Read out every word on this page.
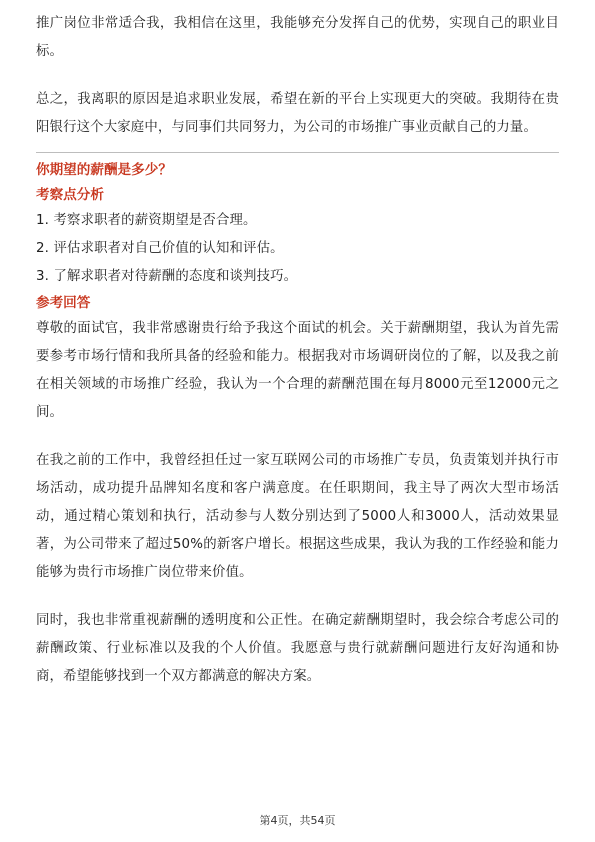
推广岗位非常适合我，我相信在这里，我能够充分发挥自己的优势，实现自己的职业目标。

总之，我离职的原因是追求职业发展，希望在新的平台上实现更大的突破。我期待在贵阳银行这个大家庭中，与同事们共同努力，为公司的市场推广事业贡献自己的力量。

你期望的薪酬是多少？

考察点分析

1. 考察求职者的薪资期望是否合理。
2. 评估求职者对自己价值的认知和评估。
3. 了解求职者对待薪酬的态度和谈判技巧。

参考回答

尊敬的面试官，我非常感谢贵行给予我这个面试的机会。关于薪酬期望，我认为首先需要参考市场行情和我所具备的经验和能力。根据我对市场调研岗位的了解，以及我之前在相关领域的市场推广经验，我认为一个合理的薪酬范围在每月8000元至12000元之间。

在我之前的工作中，我曾经担任过一家互联网公司的市场推广专员，负责策划并执行市场活动，成功提升品牌知名度和客户满意度。在任职期间，我主导了两次大型市场活动，通过精心策划和执行，活动参与人数分别达到了5000人和3000人，活动效果显著，为公司带来了超过50%的新客户增长。根据这些成果，我认为我的工作经验和能力能够为贵行市场推广岗位带来价值。

同时，我也非常重视薪酬的透明度和公正性。在确定薪酬期望时，我会综合考虑公司的薪酬政策、行业标准以及我的个人价值。我愿意与贵行就薪酬问题进行友好沟通和协商，希望能够找到一个双方都满意的解决方案。

第4页，共54页
